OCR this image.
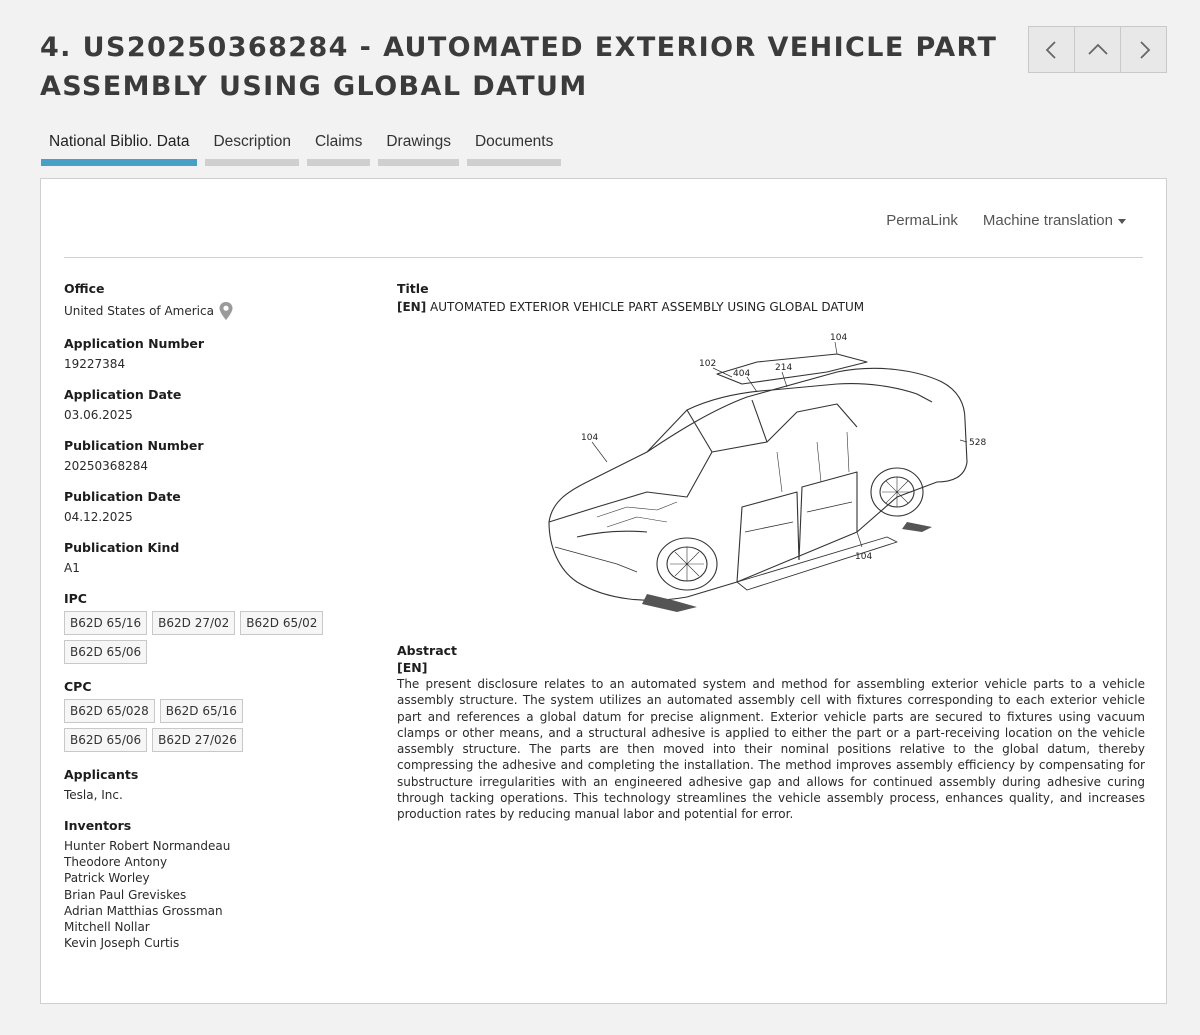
4. US20250368284 - AUTOMATED EXTERIOR VEHICLE PART ASSEMBLY USING GLOBAL DATUM
National Biblio. Data	Description	Claims	Drawings	Documents
PermaLink Machine translation
Office
United States of America
Application Number
19227384
Application Date
03.06.2025
Publication Number
20250368284
Publication Date
04.12.2025
Publication Kind
A1
IPC
B62D 65/16	B62D 27/02	B62D 65/02
B62D 65/06
CPC
B62D 65/028	B62D 65/16
B62D 65/06	B62D 27/026
Applicants
Tesla, Inc.
Inventors
Hunter Robert Normandeau
Theodore Antony
Patrick Worley
Brian Paul Greviskes
Adrian Matthias Grossman
Mitchell Nollar
Kevin Joseph Curtis
Title
[EN] AUTOMATED EXTERIOR VEHICLE PART ASSEMBLY USING GLOBAL DATUM
102
404
214
104
104	528
104
Abstract
[EN]

The present disclosure relates to an automated system and method for assembling exterior vehicle parts to a vehicle assembly structure. The system utilizes an automated assembly cell with fixtures corresponding to each exterior vehicle part and references a global datum for precise alignment. Exterior vehicle parts are secured to fixtures using vacuum clamps or other means, and a structural adhesive is applied to either the part or a part-receiving location on the vehicle assembly structure. The parts are then moved into their nominal positions relative to the global datum, thereby compressing the adhesive and completing the installation. The method improves assembly efficiency by compensating for substructure irregularities with an engineered adhesive gap and allows for continued assembly during adhesive curing through tacking operations. This technology streamlines the vehicle assembly process, enhances quality, and increases production rates by reducing manual labor and potential for error.
